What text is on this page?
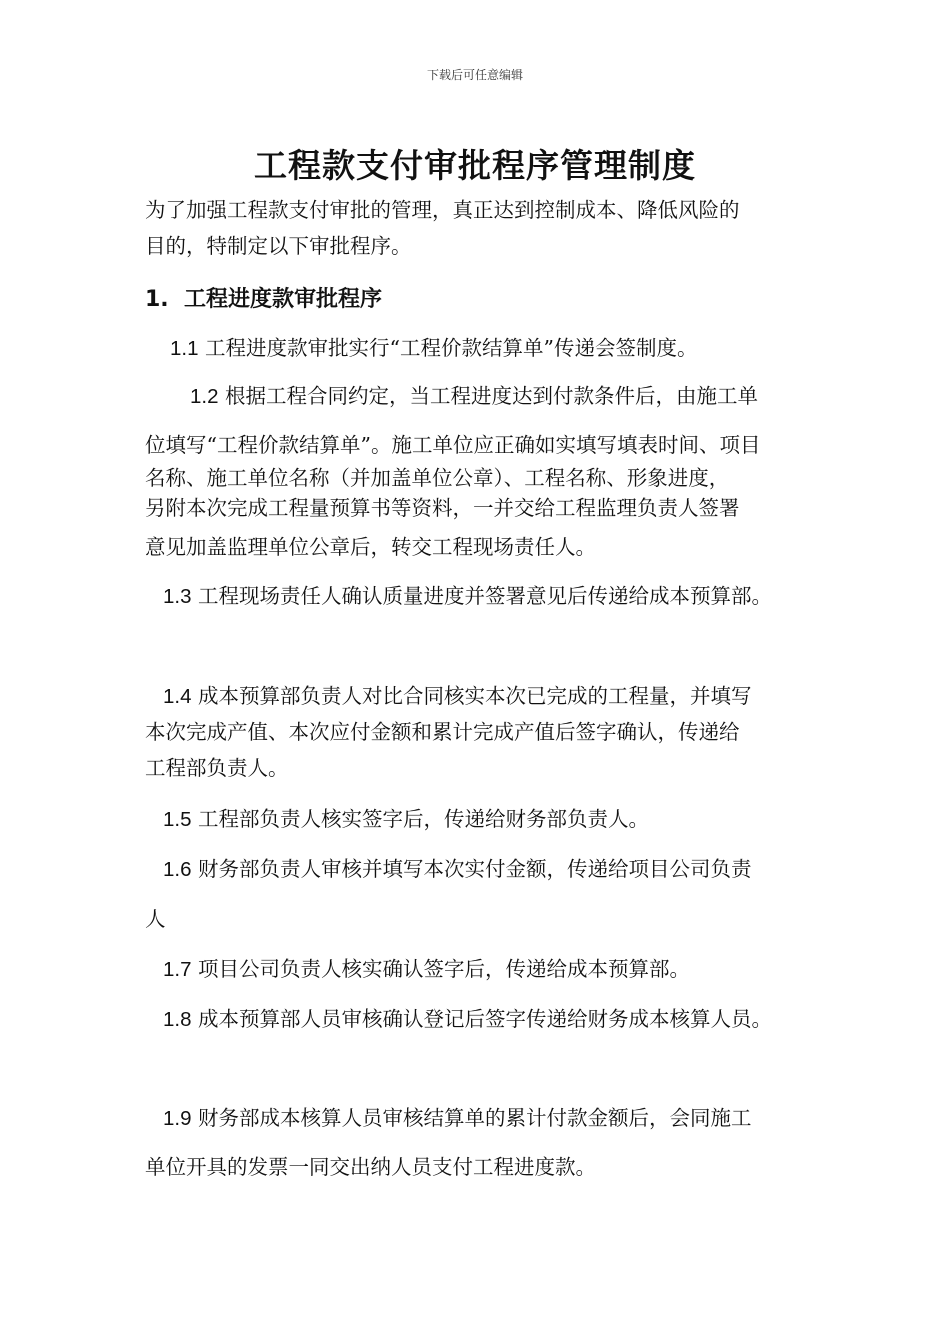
下载后可任意编辑
工程款支付审批程序管理制度
为了加强工程款支付审批的管理，真正达到控制成本、降低风险的
目的，特制定以下审批程序。
1. 工程进度款审批程序
1.1 工程进度款审批实行“工程价款结算单”传递会签制度。
1.2 根据工程合同约定，当工程进度达到付款条件后，由施工单
位填写“工程价款结算单”。施工单位应正确如实填写填表时间、项目
名称、施工单位名称（并加盖单位公章）、工程名称、形象进度，
另附本次完成工程量预算书等资料，一并交给工程监理负责人签署
意见加盖监理单位公章后，转交工程现场责任人。
1.3 工程现场责任人确认质量进度并签署意见后传递给成本预算部。
1.4 成本预算部负责人对比合同核实本次已完成的工程量，并填写
本次完成产值、本次应付金额和累计完成产值后签字确认，传递给
工程部负责人。
1.5 工程部负责人核实签字后，传递给财务部负责人。
1.6 财务部负责人审核并填写本次实付金额，传递给项目公司负责
人
1.7 项目公司负责人核实确认签字后，传递给成本预算部。
1.8 成本预算部人员审核确认登记后签字传递给财务成本核算人员。
1.9 财务部成本核算人员审核结算单的累计付款金额后，会同施工
单位开具的发票一同交出纳人员支付工程进度款。
